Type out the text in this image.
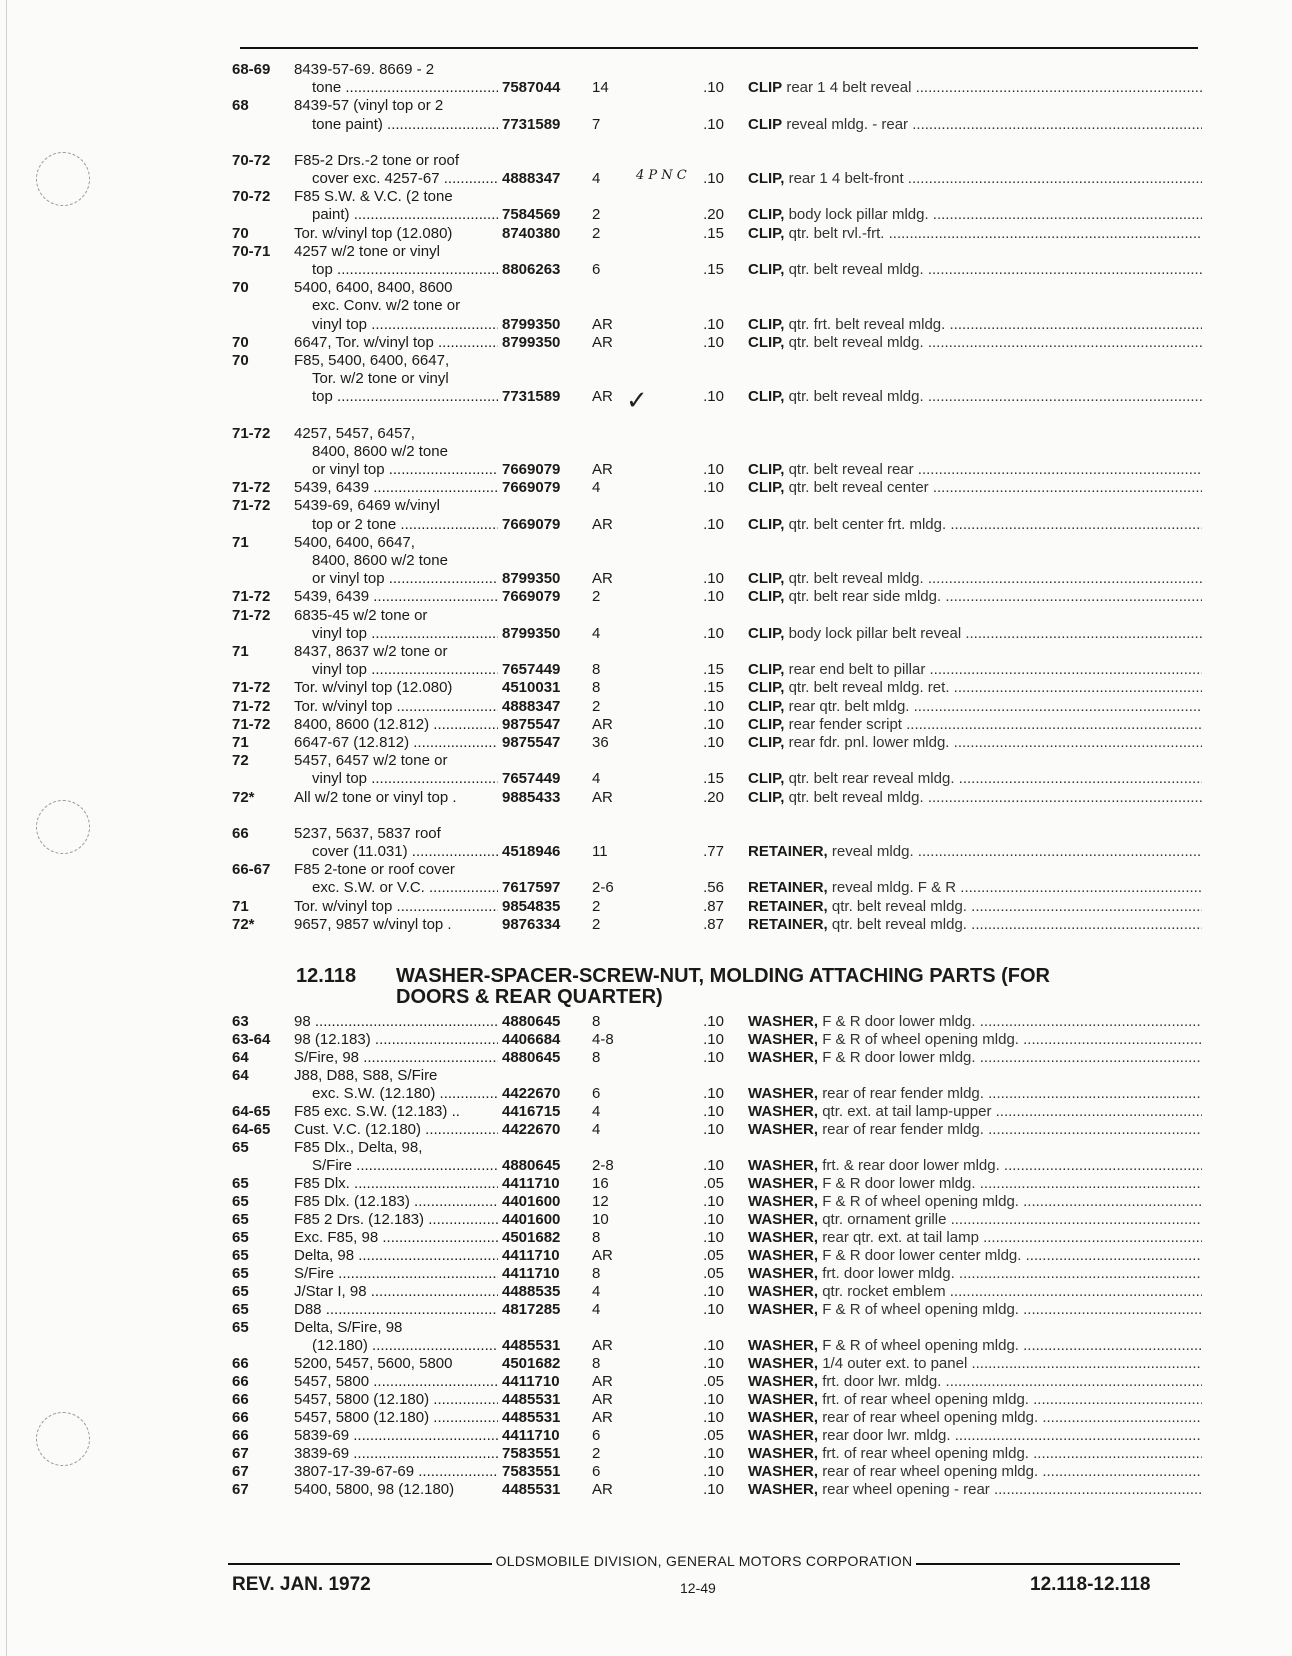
68-69	8439-57-69. 8669 - 2
tone .....	7587044	14	.10 CLIP rear 1 4 belt reveal .....
68	8439-57 (vinyl top or 2
tone paint) .....	7731589	7	.10 CLIP reveal mldg. - rear .....
70-72	F85-2 Drs.-2 tone or roof
cover exc. 4257-67 .....	4888347	4	.10 CLIP, rear 1 4 belt-front .....
70-72	F85 S.W. & V.C. (2 tone
paint) .....	7584569	2	.20 CLIP, body lock pillar mldg. .....
70	Tor. w/vinyl top (12.080)	8740380	2	.15 CLIP, qtr. belt rvl.-frt. .....
70-71	4257 w/2 tone or vinyl
top .....	8806263	6	.15 CLIP, qtr. belt reveal mldg. .....
70	5400, 6400, 8400, 8600
exc. Conv. w/2 tone or
vinyl top .....	8799350	AR	.10 CLIP, qtr. frt. belt reveal mldg. .....
70	6647, Tor. w/vinyl top .....	8799350	AR	.10 CLIP, qtr. belt reveal mldg. .....
70	F85, 5400, 6400, 6647,
Tor. w/2 tone or vinyl
top .....	7731589	AR	.10 CLIP, qtr. belt reveal mldg. .....
71-72	4257, 5457, 6457,
8400, 8600 w/2 tone
or vinyl top .....	7669079	AR	.10 CLIP, qtr. belt reveal rear .....
71-72	5439, 6439 .....	7669079	4	.10 CLIP, qtr. belt reveal center .....
71-72	5439-69, 6469 w/vinyl
top or 2 tone .....	7669079	AR	.10 CLIP, qtr. belt center frt. mldg. .....
71	5400, 6400, 6647,
8400, 8600 w/2 tone
or vinyl top .....	8799350	AR	.10 CLIP, qtr. belt reveal mldg. .....
71-72	5439, 6439 .....	7669079	2	.10 CLIP, qtr. belt rear side mldg. .....
71-72	6835-45 w/2 tone or
vinyl top .....	8799350	4	.10 CLIP, body lock pillar belt reveal .....
71	8437, 8637 w/2 tone or
vinyl top .....	7657449	8	.15 CLIP, rear end belt to pillar .....
71-72	Tor. w/vinyl top (12.080)	4510031	8	.15 CLIP, qtr. belt reveal mldg. ret. .....
71-72	Tor. w/vinyl top .....	4888347	2	.10 CLIP, rear qtr. belt mldg. .....
71-72	8400, 8600 (12.812) .....	9875547	AR	.10 CLIP, rear fender script .....
71	6647-67 (12.812) .....	9875547	36	.10 CLIP, rear fdr. pnl. lower mldg. .....
72	5457, 6457 w/2 tone or
vinyl top .....	7657449	4	.15 CLIP, qtr. belt rear reveal mldg. .....
72*	All w/2 tone or vinyl top .	9885433	AR	.20 CLIP, qtr. belt reveal mldg. .....
66	5237, 5637, 5837 roof
cover (11.031) .....	4518946	11	.77 RETAINER, reveal mldg. .....
66-67	F85 2-tone or roof cover
exc. S.W. or V.C. .....	7617597	2-6	.56 RETAINER, reveal mldg. F & R .....
71	Tor. w/vinyl top .....	9854835	2	.87 RETAINER, qtr. belt reveal mldg. .....
72*	9657, 9857 w/vinyl top .	9876334	2	.87 RETAINER, qtr. belt reveal mldg. .....
12.118 WASHER-SPACER-SCREW-NUT, MOLDING ATTACHING PARTS (FOR
DOORS & REAR QUARTER)
63	98 .....	4880645	8	.10 WASHER, F & R door lower mldg. .....
63-64	98 (12.183) .....	4406684	4-8	.10 WASHER, F & R of wheel opening mldg. .....
64	S/Fire, 98 .....	4880645	8	.10 WASHER, F & R door lower mldg. .....
64	J88, D88, S88, S/Fire
exc. S.W. (12.180) .....	4422670	6	.10 WASHER, rear of rear fender mldg. .....
64-65	F85 exc. S.W. (12.183) ..	4416715	4	.10 WASHER, qtr. ext. at tail lamp-upper .....
64-65	Cust. V.C. (12.180) .....	4422670	4	.10 WASHER, rear of rear fender mldg. .....
65	F85 Dlx., Delta, 98,
S/Fire .....	4880645	2-8	.10 WASHER, frt. & rear door lower mldg. .....
65	F85 Dlx. .....	4411710	16	.05 WASHER, F & R door lower mldg. .....
65	F85 Dlx. (12.183) .....	4401600	12	.10 WASHER, F & R of wheel opening mldg. .....
65	F85 2 Drs. (12.183) .....	4401600	10	.10 WASHER, qtr. ornament grille .....
65	Exc. F85, 98 .....	4501682	8	.10 WASHER, rear qtr. ext. at tail lamp .....
65	Delta, 98 .....	4411710	AR	.05 WASHER, F & R door lower center mldg. .....
65	S/Fire .....	4411710	8	.05 WASHER, frt. door lower mldg. .....
65	J/Star I, 98 .....	4488535	4	.10 WASHER, qtr. rocket emblem .....
65	D88 .....	4817285	4	.10 WASHER, F & R of wheel opening mldg. .....
65	Delta, S/Fire, 98
(12.180) .....	4485531	AR	.10 WASHER, F & R of wheel opening mldg. .....
66	5200, 5457, 5600, 5800	4501682	8	.10 WASHER, 1/4 outer ext. to panel .....
66	5457, 5800 .....	4411710	AR	.05 WASHER, frt. door lwr. mldg. .....
66	5457, 5800 (12.180) .....	4485531	AR	.10 WASHER, frt. of rear wheel opening mldg. .....
66	5457, 5800 (12.180) .....	4485531	AR	.10 WASHER, rear of rear wheel opening mldg. .....
66	5839-69 .....	4411710	6	.05 WASHER, rear door lwr. mldg. .....
67	3839-69 .....	7583551	2	.10 WASHER, frt. of rear wheel opening mldg. .....
67	3807-17-39-67-69 .....	7583551	6	.10 WASHER, rear of rear wheel opening mldg. .....
67	5400, 5800, 98 (12.180)	4485531	AR	.10 WASHER, rear wheel opening - rear .....
4 P N C
✓
OLDSMOBILE DIVISION, GENERAL MOTORS CORPORATION
REV. JAN. 1972	12-49	12.118-12.118
